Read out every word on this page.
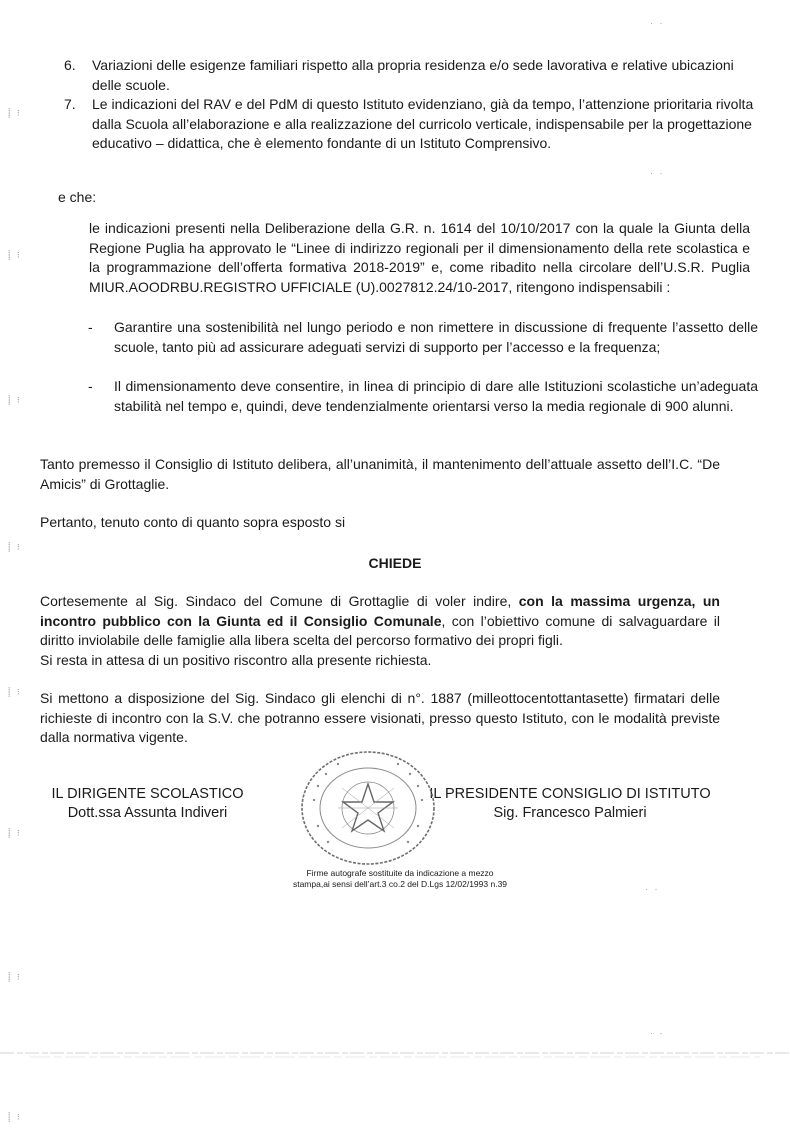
6. Variazioni delle esigenze familiari rispetto alla propria residenza e/o sede lavorativa e relative ubicazioni delle scuole.
7. Le indicazioni del RAV e del PdM di questo Istituto evidenziano, già da tempo, l’attenzione prioritaria rivolta dalla Scuola all’elaborazione e alla realizzazione del curricolo verticale, indispensabile per la progettazione educativo – didattica, che è elemento fondante di un Istituto Comprensivo.
e che:
le indicazioni presenti nella Deliberazione della G.R. n. 1614 del 10/10/2017 con la quale la Giunta della Regione Puglia ha approvato le “Linee di indirizzo regionali per il dimensionamento della rete scolastica e la programmazione dell’offerta formativa 2018-2019” e, come ribadito nella circolare dell’U.S.R. Puglia MIUR.AOODRBU.REGISTRO UFFICIALE (U).0027812.24/10-2017, ritengono indispensabili :
- Garantire una sostenibilità nel lungo periodo e non rimettere in discussione di frequente l’assetto delle scuole, tanto più ad assicurare adeguati servizi di supporto per l’accesso e la frequenza;
- Il dimensionamento deve consentire, in linea di principio di dare alle Istituzioni scolastiche un’adeguata stabilità nel tempo e, quindi, deve tendenzialmente orientarsi verso la media regionale di 900 alunni.
Tanto premesso il Consiglio di Istituto delibera, all’unanimità, il mantenimento dell’attuale assetto dell’I.C. “De Amicis” di Grottaglie.
Pertanto, tenuto conto di quanto sopra esposto si
CHIEDE
Cortesemente al Sig. Sindaco del Comune di Grottaglie di voler indire, con la massima urgenza, un incontro pubblico con la Giunta ed il Consiglio Comunale, con l’obiettivo comune di salvaguardare il diritto inviolabile delle famiglie alla libera scelta del percorso formativo dei propri figli.
Si resta in attesa di un positivo riscontro alla presente richiesta.
Si mettono a disposizione del Sig. Sindaco gli elenchi di n°. 1887 (milleottocentottantasette) firmatari delle richieste di incontro con la S.V. che potranno essere visionati, presso questo Istituto, con le modalità previste dalla normativa vigente.
IL DIRIGENTE SCOLASTICO
Dott.ssa Assunta Indiveri
IL PRESIDENTE CONSIGLIO DI ISTITUTO
Sig. Francesco Palmieri
Firme autografe sostituite da indicazione a mezzo
stampa,ai sensi dell’art.3 co.2 del D.Lgs 12/02/1993 n.39
⸽ ⁝
⸽ ⁝
⸽ ⁝
⸽ ⁝
⸽ ⁝
⸽ ⁝
⸽ ⁝
⸽ ⁝
· ·
· ·
· ·
· ·
